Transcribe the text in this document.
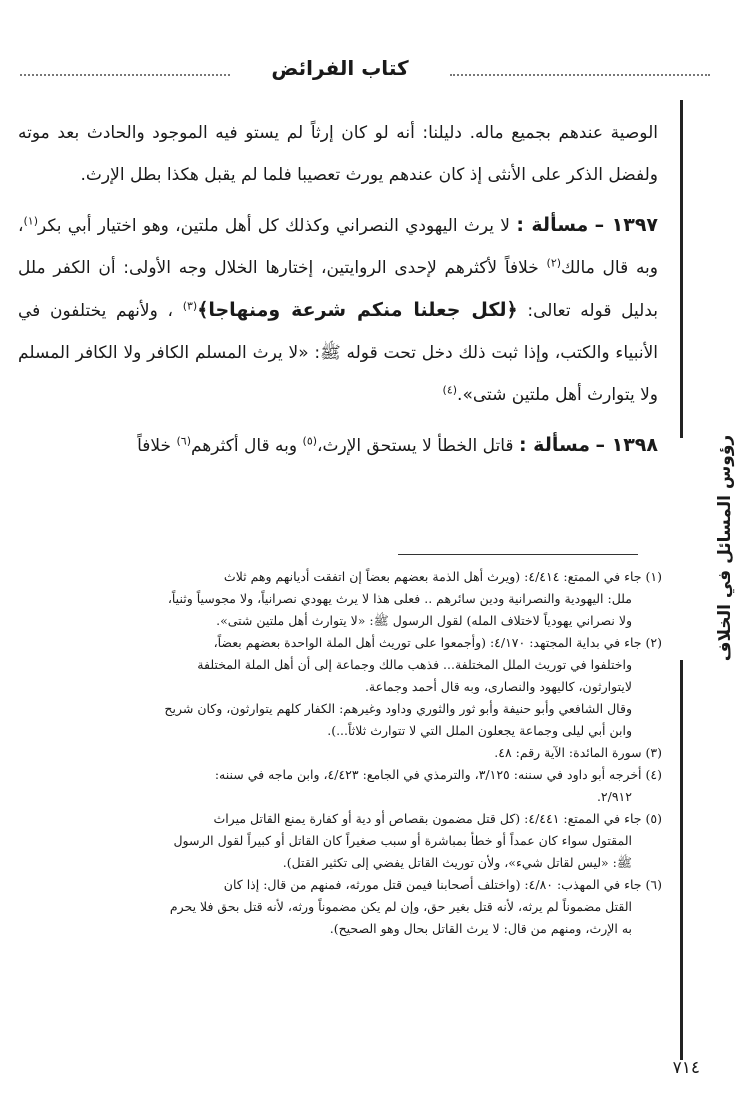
كتاب الفرائض
رؤوس المسائل في الخلاف

الوصية عندهم بجميع ماله. دليلنا: أنه لو كان إرثاً لم يستو فيه الموجود والحادث بعد موته ولفضل الذكر على الأنثى إذ كان عندهم يورث تعصيبا فلما لم يقبل هكذا بطل الإرث.

١٣٩٧ – مسألة : لا يرث اليهودي النصراني وكذلك كل أهل ملتين، وهو اختيار أبي بكر$^{(١)}$، وبه قال مالك$^{(٢)}$ خلافاً لأكثرهم لإحدى الروايتين، إختارها الخلال وجه الأولى: أن الكفر ملل بدليل قوله تعالى: ﴿لكل جعلنا منكم شرعة ومنهاجا﴾$^{(٣)}$ ، ولأنهم يختلفون في الأنبياء والكتب، وإذا ثبت ذلك دخل تحت قوله ﷺ: «لا يرث المسلم الكافر ولا الكافر المسلم ولا يتوارث أهل ملتين شتى».$^{(٤)}$

١٣٩٨ – مسألة : قاتل الخطأ لا يستحق الإرث،$^{(٥)}$ وبه قال أكثرهم$^{(٦)}$ خلافاً

(١) جاء في الممتع: ٤/٤١٤: (ويرث أهل الذمة بعضهم بعضاً إن اتفقت أديانهم وهم ثلاث

ملل: اليهودية والنصرانية ودين سائرهم .. فعلى هذا لا يرث يهودي نصرانياً، ولا مجوسياً وثنياً،

ولا نصراني يهودياً لاختلاف المله) لقول الرسول ﷺ: «لا يتوارث أهل ملتين شتى».

(٢) جاء في بداية المجتهد: ٤/١٧٠: (وأجمعوا على توريث أهل الملة الواحدة بعضهم بعضاً،

واختلفوا في توريث الملل المختلفة... فذهب مالك وجماعة إلى أن أهل الملة المختلفة

لايتوارثون، كاليهود والنصارى، وبه قال أحمد وجماعة.

وقال الشافعي وأبو حنيفة وأبو ثور والثوري وداود وغيرهم: الكفار كلهم يتوارثون، وكان شريح

وابن أبي ليلى وجماعة يجعلون الملل التي لا تتوارث ثلاثاً...).

(٣) سورة المائدة: الآية رقم: ٤٨.

(٤) أخرجه أبو داود في سننه: ٣/١٢٥، والترمذي في الجامع: ٤/٤٢٣، وابن ماجه في سننه:

٢/٩١٢.

(٥) جاء في الممتع: ٤/٤٤١: (كل قتل مضمون بقصاص أو دية أو كفارة يمنع القاتل ميراث

المقتول سواء كان عمداً أو خطأ بمباشرة أو سبب صغيراً كان القاتل أو كبيراً لقول الرسول

ﷺ: «ليس لقاتل شيء»، ولأن توريث القاتل يفضي إلى تكثير القتل).

(٦) جاء في المهذب: ٤/٨٠: (واختلف أصحابنا فيمن قتل مورثه، فمنهم من قال: إذا كان

القتل مضموناً لم يرثه، لأنه قتل بغير حق، وإن لم يكن مضموناً ورثه، لأنه قتل بحق فلا يحرم

به الإرث، ومنهم من قال: لا يرث القاتل بحال وهو الصحيح).

٧١٤
